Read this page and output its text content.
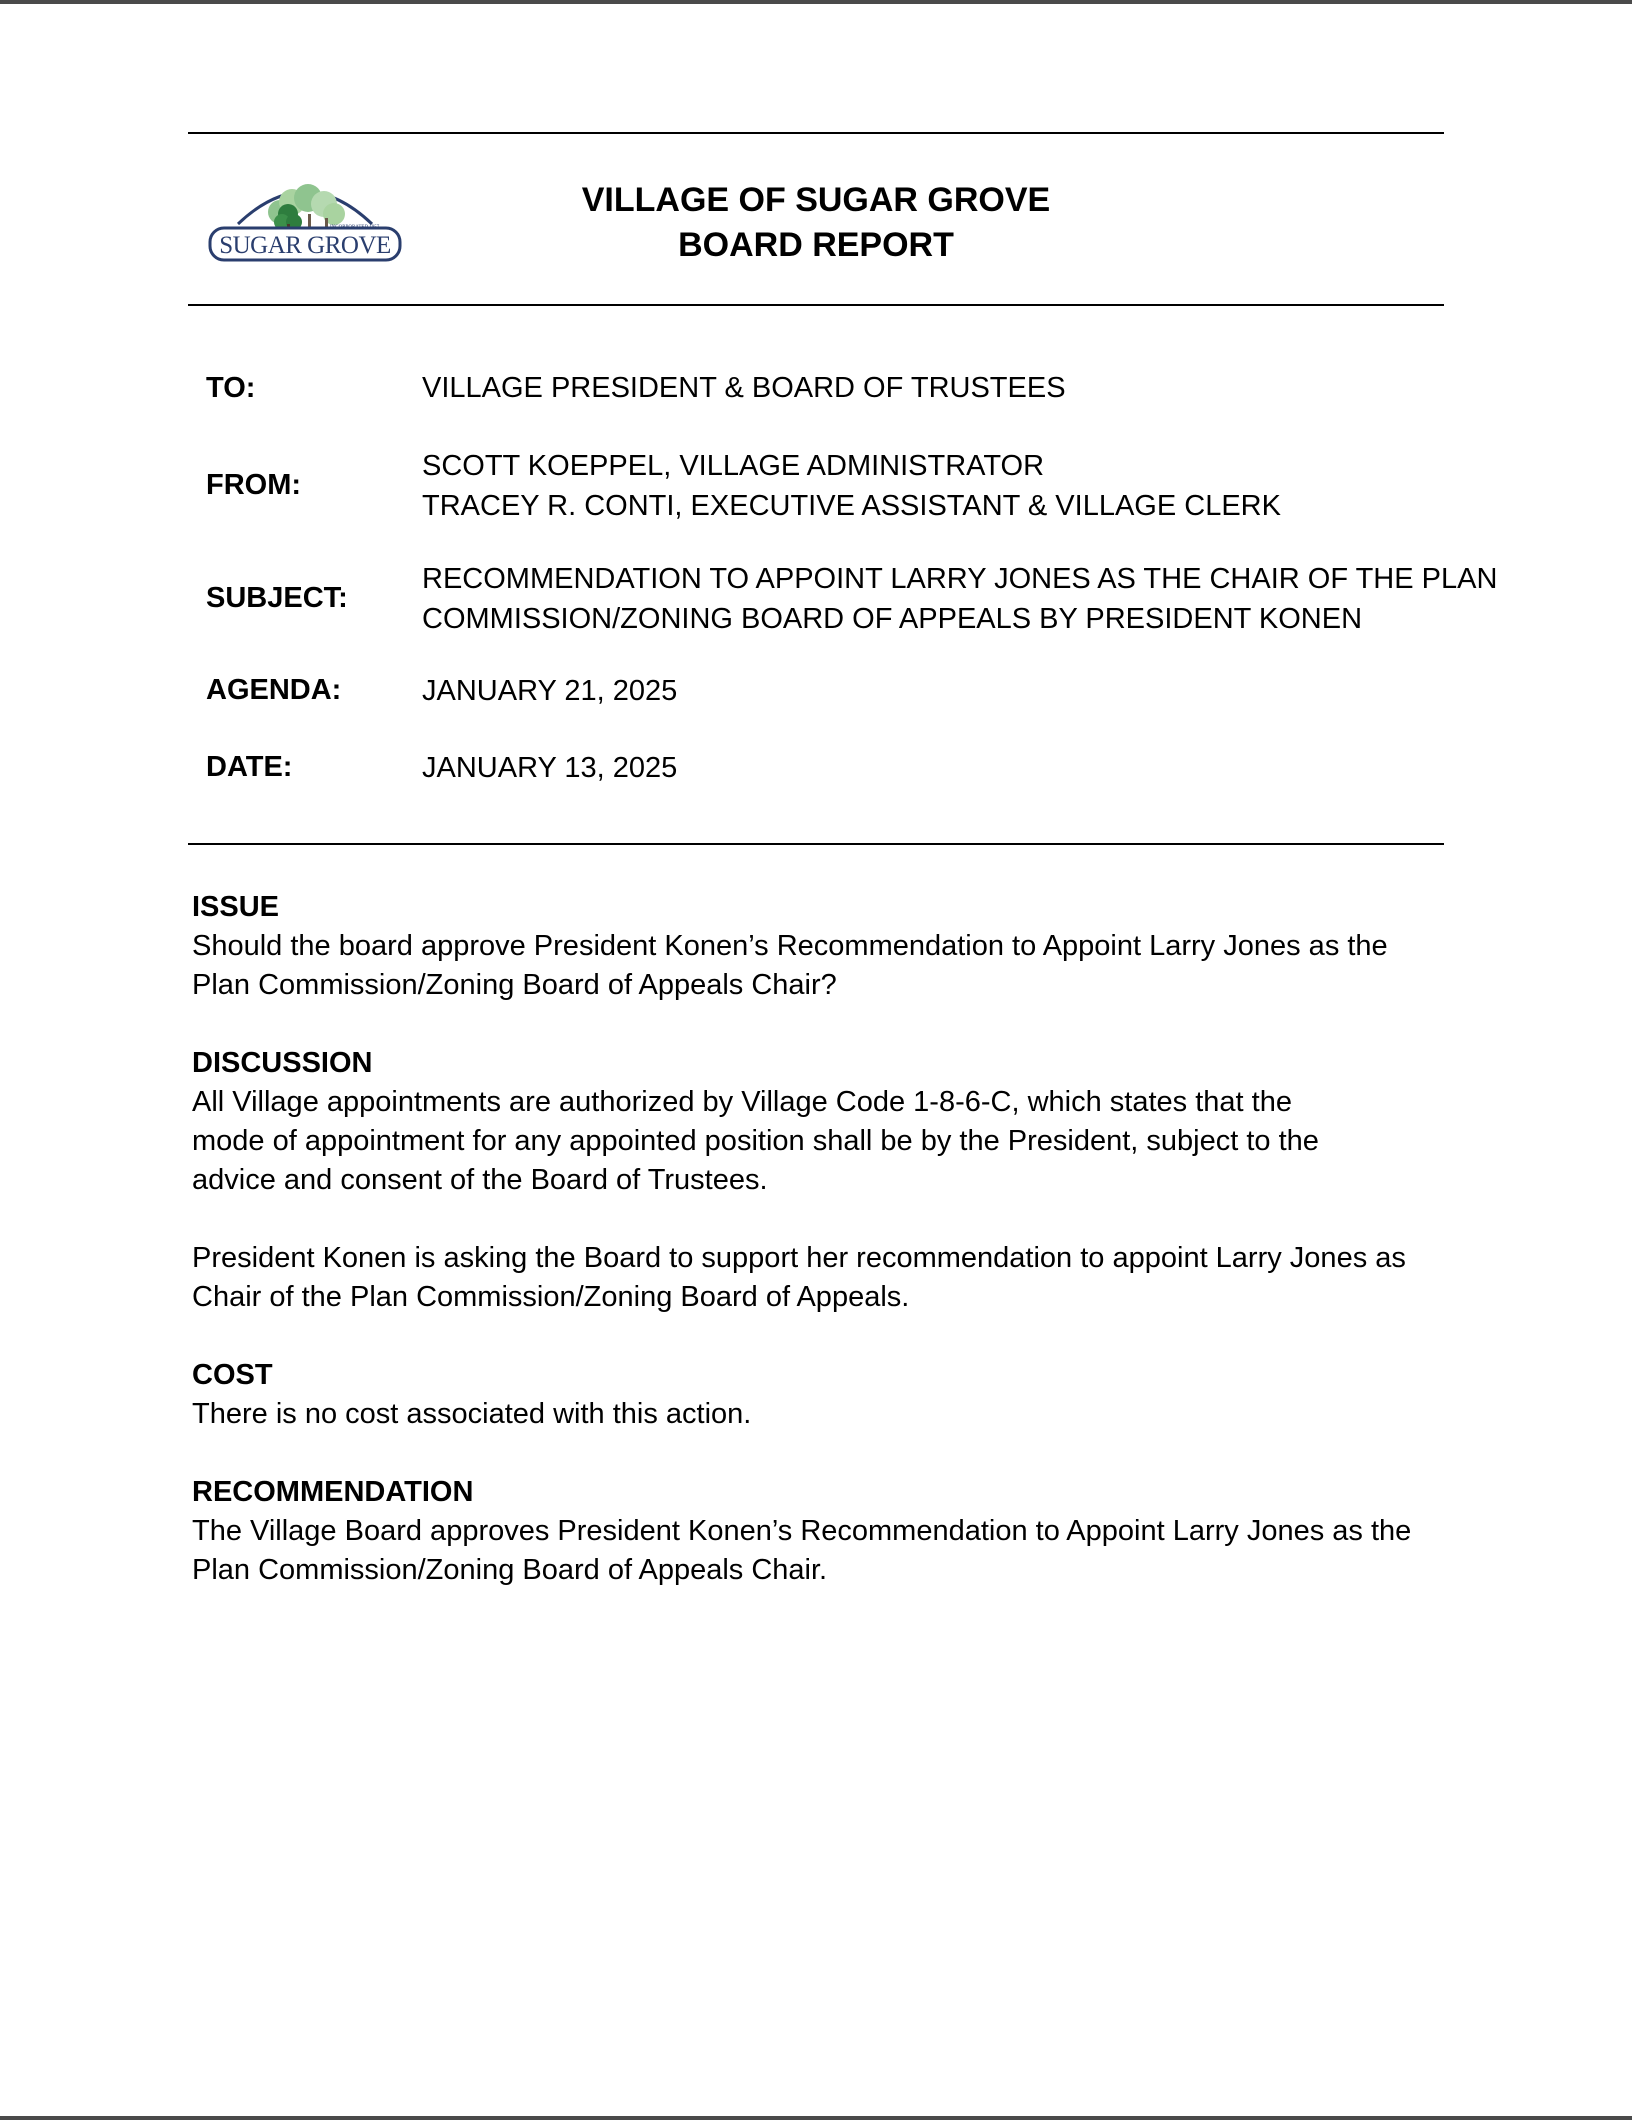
SUGAR GROVE
VILLAGE OF SUGAR GROVE
BOARD REPORT
TO:	VILLAGE PRESIDENT & BOARD OF TRUSTEES
FROM:
SCOTT KOEPPEL, VILLAGE ADMINISTRATOR
TRACEY R. CONTI, EXECUTIVE ASSISTANT & VILLAGE CLERK
SUBJECT:
RECOMMENDATION TO APPOINT LARRY JONES AS THE CHAIR OF THE PLAN
COMMISSION/ZONING BOARD OF APPEALS BY PRESIDENT KONEN
AGENDA:	JANUARY 21, 2025
DATE:	JANUARY 13, 2025
ISSUE
Should the board approve President Konen’s Recommendation to Appoint Larry Jones as the
Plan Commission/Zoning Board of Appeals Chair?
DISCUSSION
All Village appointments are authorized by Village Code 1-8-6-C, which states that the
mode of appointment for any appointed position shall be by the President, subject to the
advice and consent of the Board of Trustees.
President Konen is asking the Board to support her recommendation to appoint Larry Jones as
Chair of the Plan Commission/Zoning Board of Appeals.
COST
There is no cost associated with this action.
RECOMMENDATION
The Village Board approves President Konen’s Recommendation to Appoint Larry Jones as the
Plan Commission/Zoning Board of Appeals Chair.
